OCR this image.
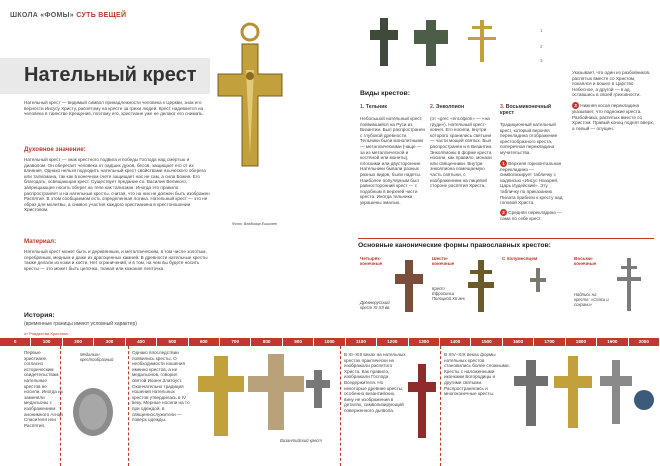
ШКОЛА «ФОМЫ» СУТЬ ВЕЩЕЙ
Нательный крест
Фото: Владимир Ешкилев
Нательный крест — видимый символ принадлежности человека к Церкви, знак его верности Иисусу Христу, распятому на кресте за грехи людей. Крест надевается на человека в таинстве Крещения, поэтому его, христиане уже не делают его снимать.
Духовное значение:
Нательный крест — знак крестного подвига и победы Господа над смертью и диаволом. Он оберегает человека от падших духов, бесов, защищает его от их влияния. Однако нельзя подходить нательный крест свойствами языческого оберега или талисмана, так как в конечном счете защищает нас не сам, а сила Божия. Его благодать, освящающая крест. Существует предание со. Василия Великого, запрещающее носить оберег на теле как талисман. Иногда это правило распространяет и на нательные кресты, считая, что на них не должен быть изображен Распятие. В этом сообщаемом есть определенная логика. Нательный крест — это не образ для молитвы, а символ участия каждого христианина в крестоношении Христовом.
Материал:
Нательный крест может быть и деревянным, и металлическим, в том числе золотым, серебряным, медным и даже из драгоценных камней. В древности нательные кресты также делали из кожи и кости. Нет ограничений, и в том, на чем вы будете носить кресты — это может быть цепочка, тканая или кожаная ленточка.
1
2
3
Виды крестов:
1. Тельник
Небольшой нательный крест, появившийся на Руси из Византии. Был распространен с глубокой древности. Тельники были монолитными — металлическими (чаще — за из металлической и костяной или монеты), плоскими или двусторонние. Нательники бывали разных разных видов, были надеты. Наиболее популярным был равносторонний крест — с подобным в верхней части креста. Иногда тельники украшены эмалью.
2. Энколпион
(от «grec «encolpion» — «на груди»). Нательный крест-ковчег. Его носили, внутри которого хранились святыни — части мощей святых. Был распространен и в Византии. Энколпионы в форме креста носили, как правило, монахи или священники. Внутри энколпиона помещаемую часть святыни, с изображением на лицевой стороне распятия Христа.
3. Восьмиконечный крест
Традиционный нательный крест, который верхняя перекладина отображение крестообразного креста, поперечная перекладина мучительства.
1 Верхняя горизонтальная перекладина — символизирует табличку с надписью «Иисус Назорей, Царь Иудейский». Эту табличку по приказанию Пилата прибили к кресту над головой Христа.
2 Средняя перекладина — сама по себе крест.
Указывает, что один из разбойников, распятых вместе со Христом, покаялся и вошел в Царство Небесное, а другой — в ад, оставшись в своей греховности.
3 Нижняя косая перекладина указывает, что подножие креста. Разбойника, распятых вместе со Христом. Правый конец поднят вверх, а левый — опущен.
Основные канонические формы православных крестов:
Четырёх-конечные
Древнерусский крест XI-XII вв.
Шести-конечные
Крест Ефросиньи Полоцкой XII век
С полумесяцем	Восьми-конечные
Надпись на кресте: «Спаси и сохрани»
История:
(временные границы имеют условный характер)
от Рождества Христова
0	100	200	300	400	500	600	700	800	900	1000	1100	1200	1300	1400	1500	1600	1700	1800	1900	2000
Первые христиане, согласно историческим свидетельствам, нательные крестов не носили. Иногда их заменяли медальоны с изображением анонимного Агнца Спасителя или Распятия.
Медальон крестообразный
Однако впоследствии появились кресты. О необходимости ношения именно крестов, а не медальонов, говорил святой Иоанн Златоуст. Окончательно традиция ношения нательных крестов утвердилась в IV веку. Мерные носили на то при одеждой, в священнослужители — поверх одежды.
Византийский крест
В XI–XIII веках на нательных крестах практически не изображали распятого Христа. Как правило, изображали Господа Вседержителя. Но некоторые древние кресты, особенно византийских, вину не изображения в деталях, символизирующий поверженного дьявола.
В XIV–XIX веках формы нательных крестов становились более сложными. Кресты с наложенными иконками Богородицы и другими святыми. Распространялись и многоконечные кресты.
